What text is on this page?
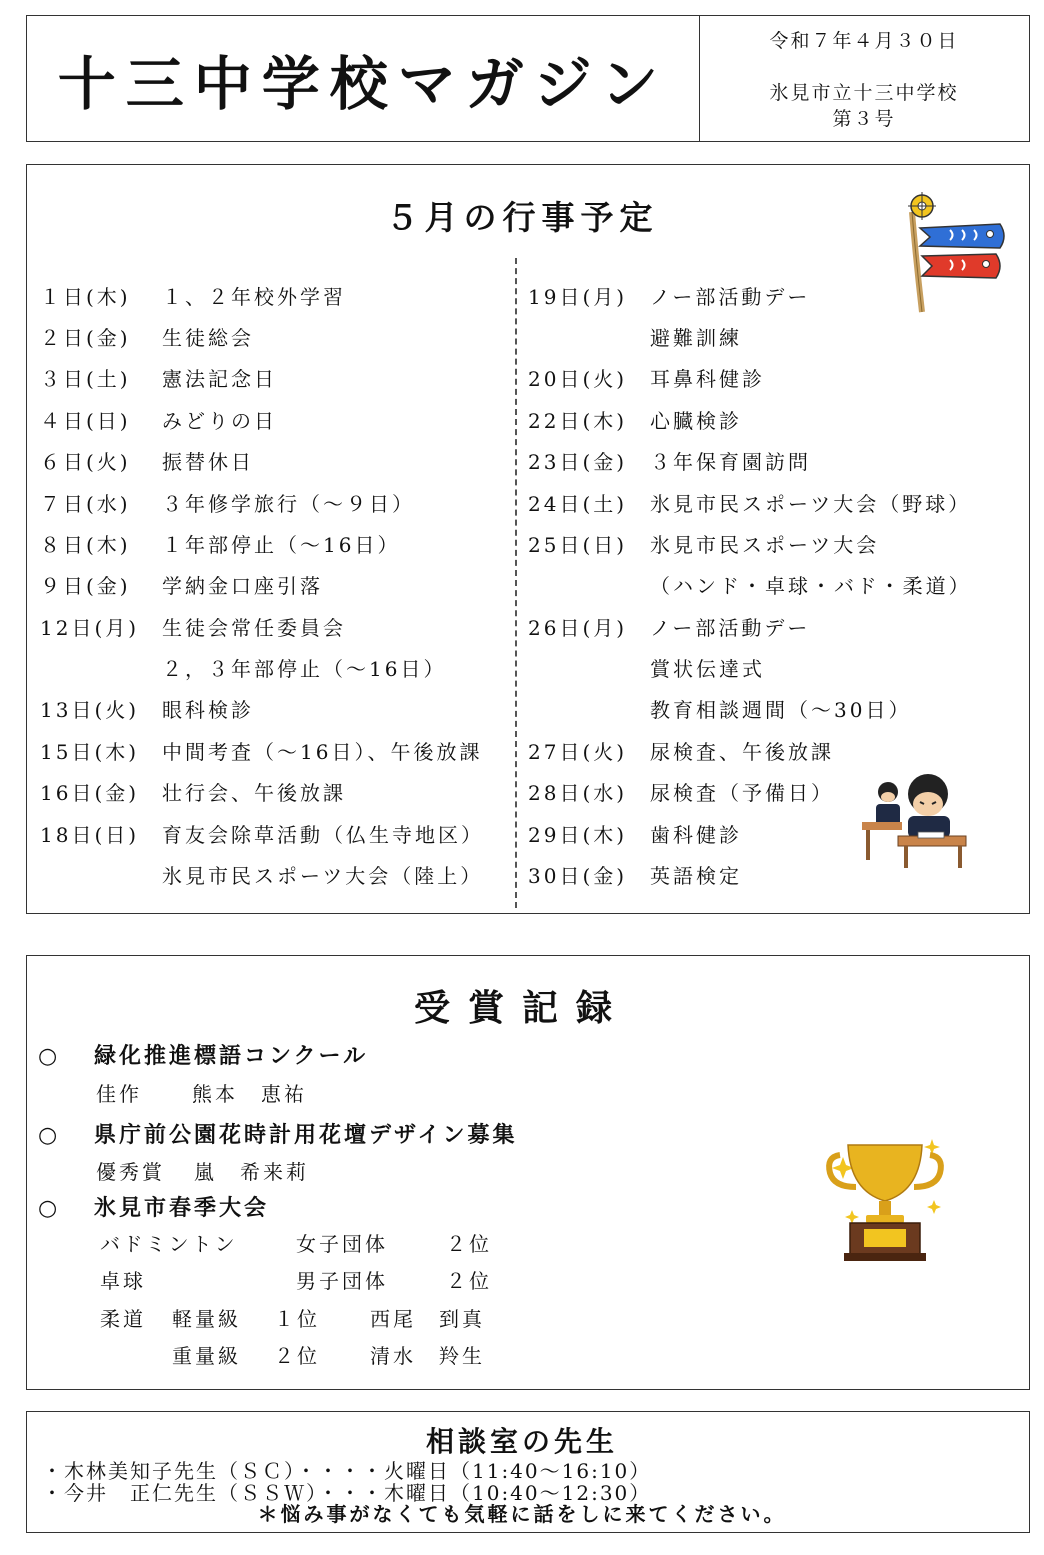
十三中学校マガジン
令和７年４月３０日
氷見市立十三中学校
第３号
５月の行事予定
１日(木) １、２年校外学習
２日(金) 生徒総会
３日(土) 憲法記念日
４日(日) みどりの日
６日(火) 振替休日
７日(水) ３年修学旅行（～９日）
８日(木) １年部停止（～16日）
９日(金) 学納金口座引落
12日(月) 生徒会常任委員会
２，３年部停止（～16日）
13日(火) 眼科検診
15日(木) 中間考査（～16日）、午後放課
16日(金) 壮行会、午後放課
18日(日) 育友会除草活動（仏生寺地区）
氷見市民スポーツ大会（陸上）
19日(月) ノー部活動デー
避難訓練
20日(火) 耳鼻科健診
22日(木) 心臓検診
23日(金) ３年保育園訪問
24日(土) 氷見市民スポーツ大会（野球）
25日(日) 氷見市民スポーツ大会
（ハンド・卓球・バド・柔道）
26日(月) ノー部活動デー
賞状伝達式
教育相談週間（～30日）
27日(火) 尿検査、午後放課
28日(水) 尿検査（予備日）
29日(木) 歯科健診
30日(金) 英語検定
受賞記録
○ 緑化推進標語コンクール
佳作	熊本　恵祐
○ 県庁前公園花時計用花壇デザイン募集
優秀賞 嵐　希来莉
○ 氷見市春季大会
バドミントン	女子団体	２位
卓球	男子団体	２位
柔道 軽量級 １位	西尾　到真
重量級 ２位	清水　羚生
相談室の先生
・木林美知子先生（ＳＣ）・・・・火曜日（11:40～16:10）
・今井　正仁先生（ＳＳＷ）・・・木曜日（10:40～12:30）
＊悩み事がなくても気軽に話をしに来てください。
